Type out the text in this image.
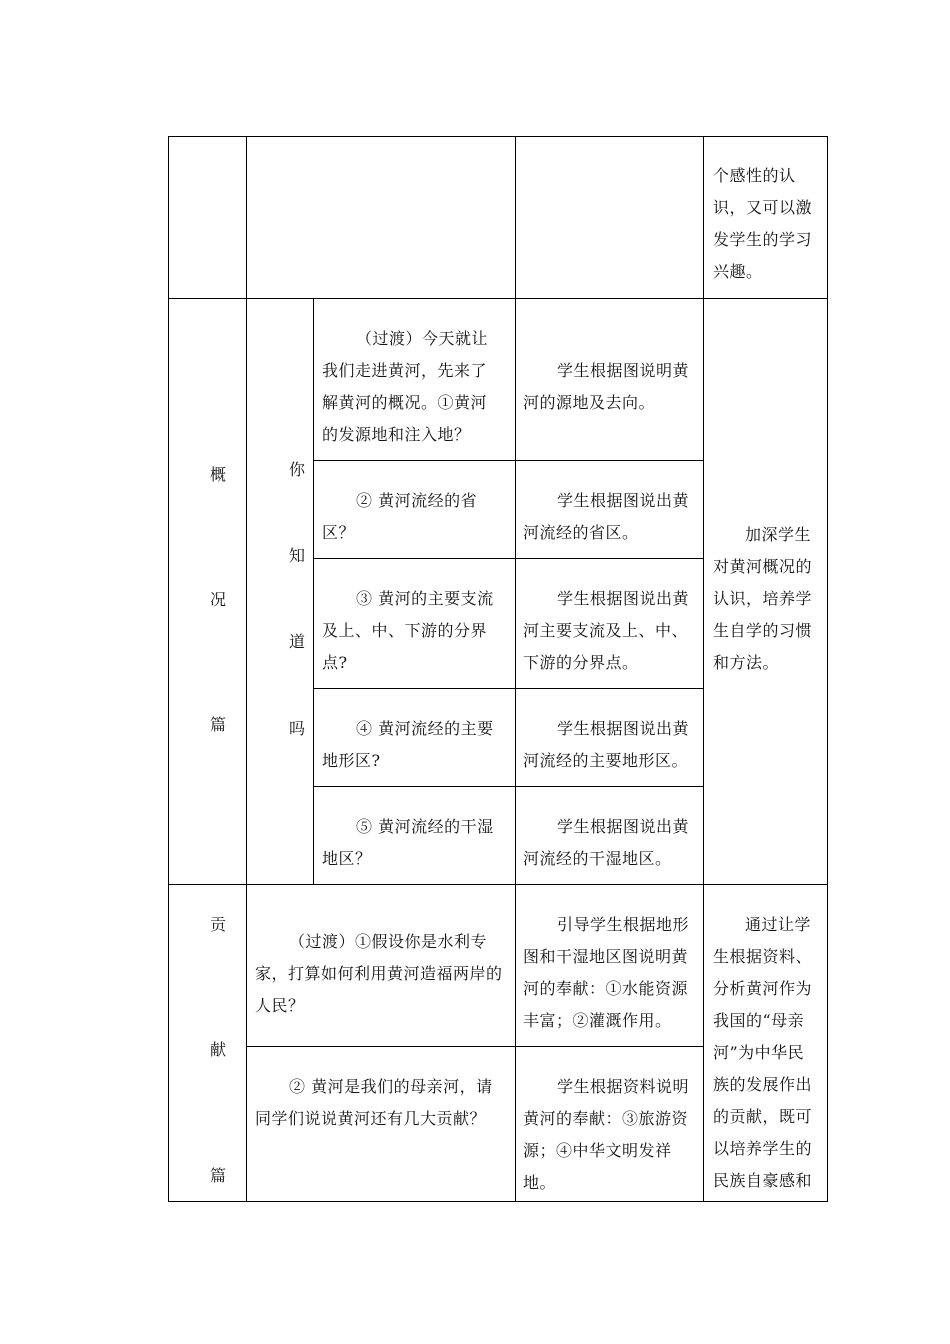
个感性的认识，又可以激发学生的学习兴趣。
概
况
篇
你
知
道
吗
（过渡）今天就让我们走进黄河，先来了解黄河的概况。①黄河的发源地和注入地？
学生根据图说明黄河的源地及去向。
② 黄河流经的省区？
学生根据图说出黄河流经的省区。
③ 黄河的主要支流及上、中、下游的分界点?
学生根据图说出黄河主要支流及上、中、下游的分界点。
④ 黄河流经的主要地形区?
学生根据图说出黄河流经的主要地形区。
⑤ 黄河流经的干湿地区？
学生根据图说出黄河流经的干湿地区。
加深学生对黄河概况的认识，培养学生自学的习惯和方法。
贡
献
篇
（过渡）①假设你是水利专家，打算如何利用黄河造福两岸的人民？
引导学生根据地形图和干湿地区图说明黄河的奉献：①水能资源丰富；②灌溉作用。
② 黄河是我们的母亲河，请同学们说说黄河还有几大贡献？
学生根据资料说明黄河的奉献：③旅游资源；④中华文明发祥地。
通过让学生根据资料、分析黄河作为我国的“母亲河”为中华民族的发展作出的贡献，既可以培养学生的民族自豪感和
